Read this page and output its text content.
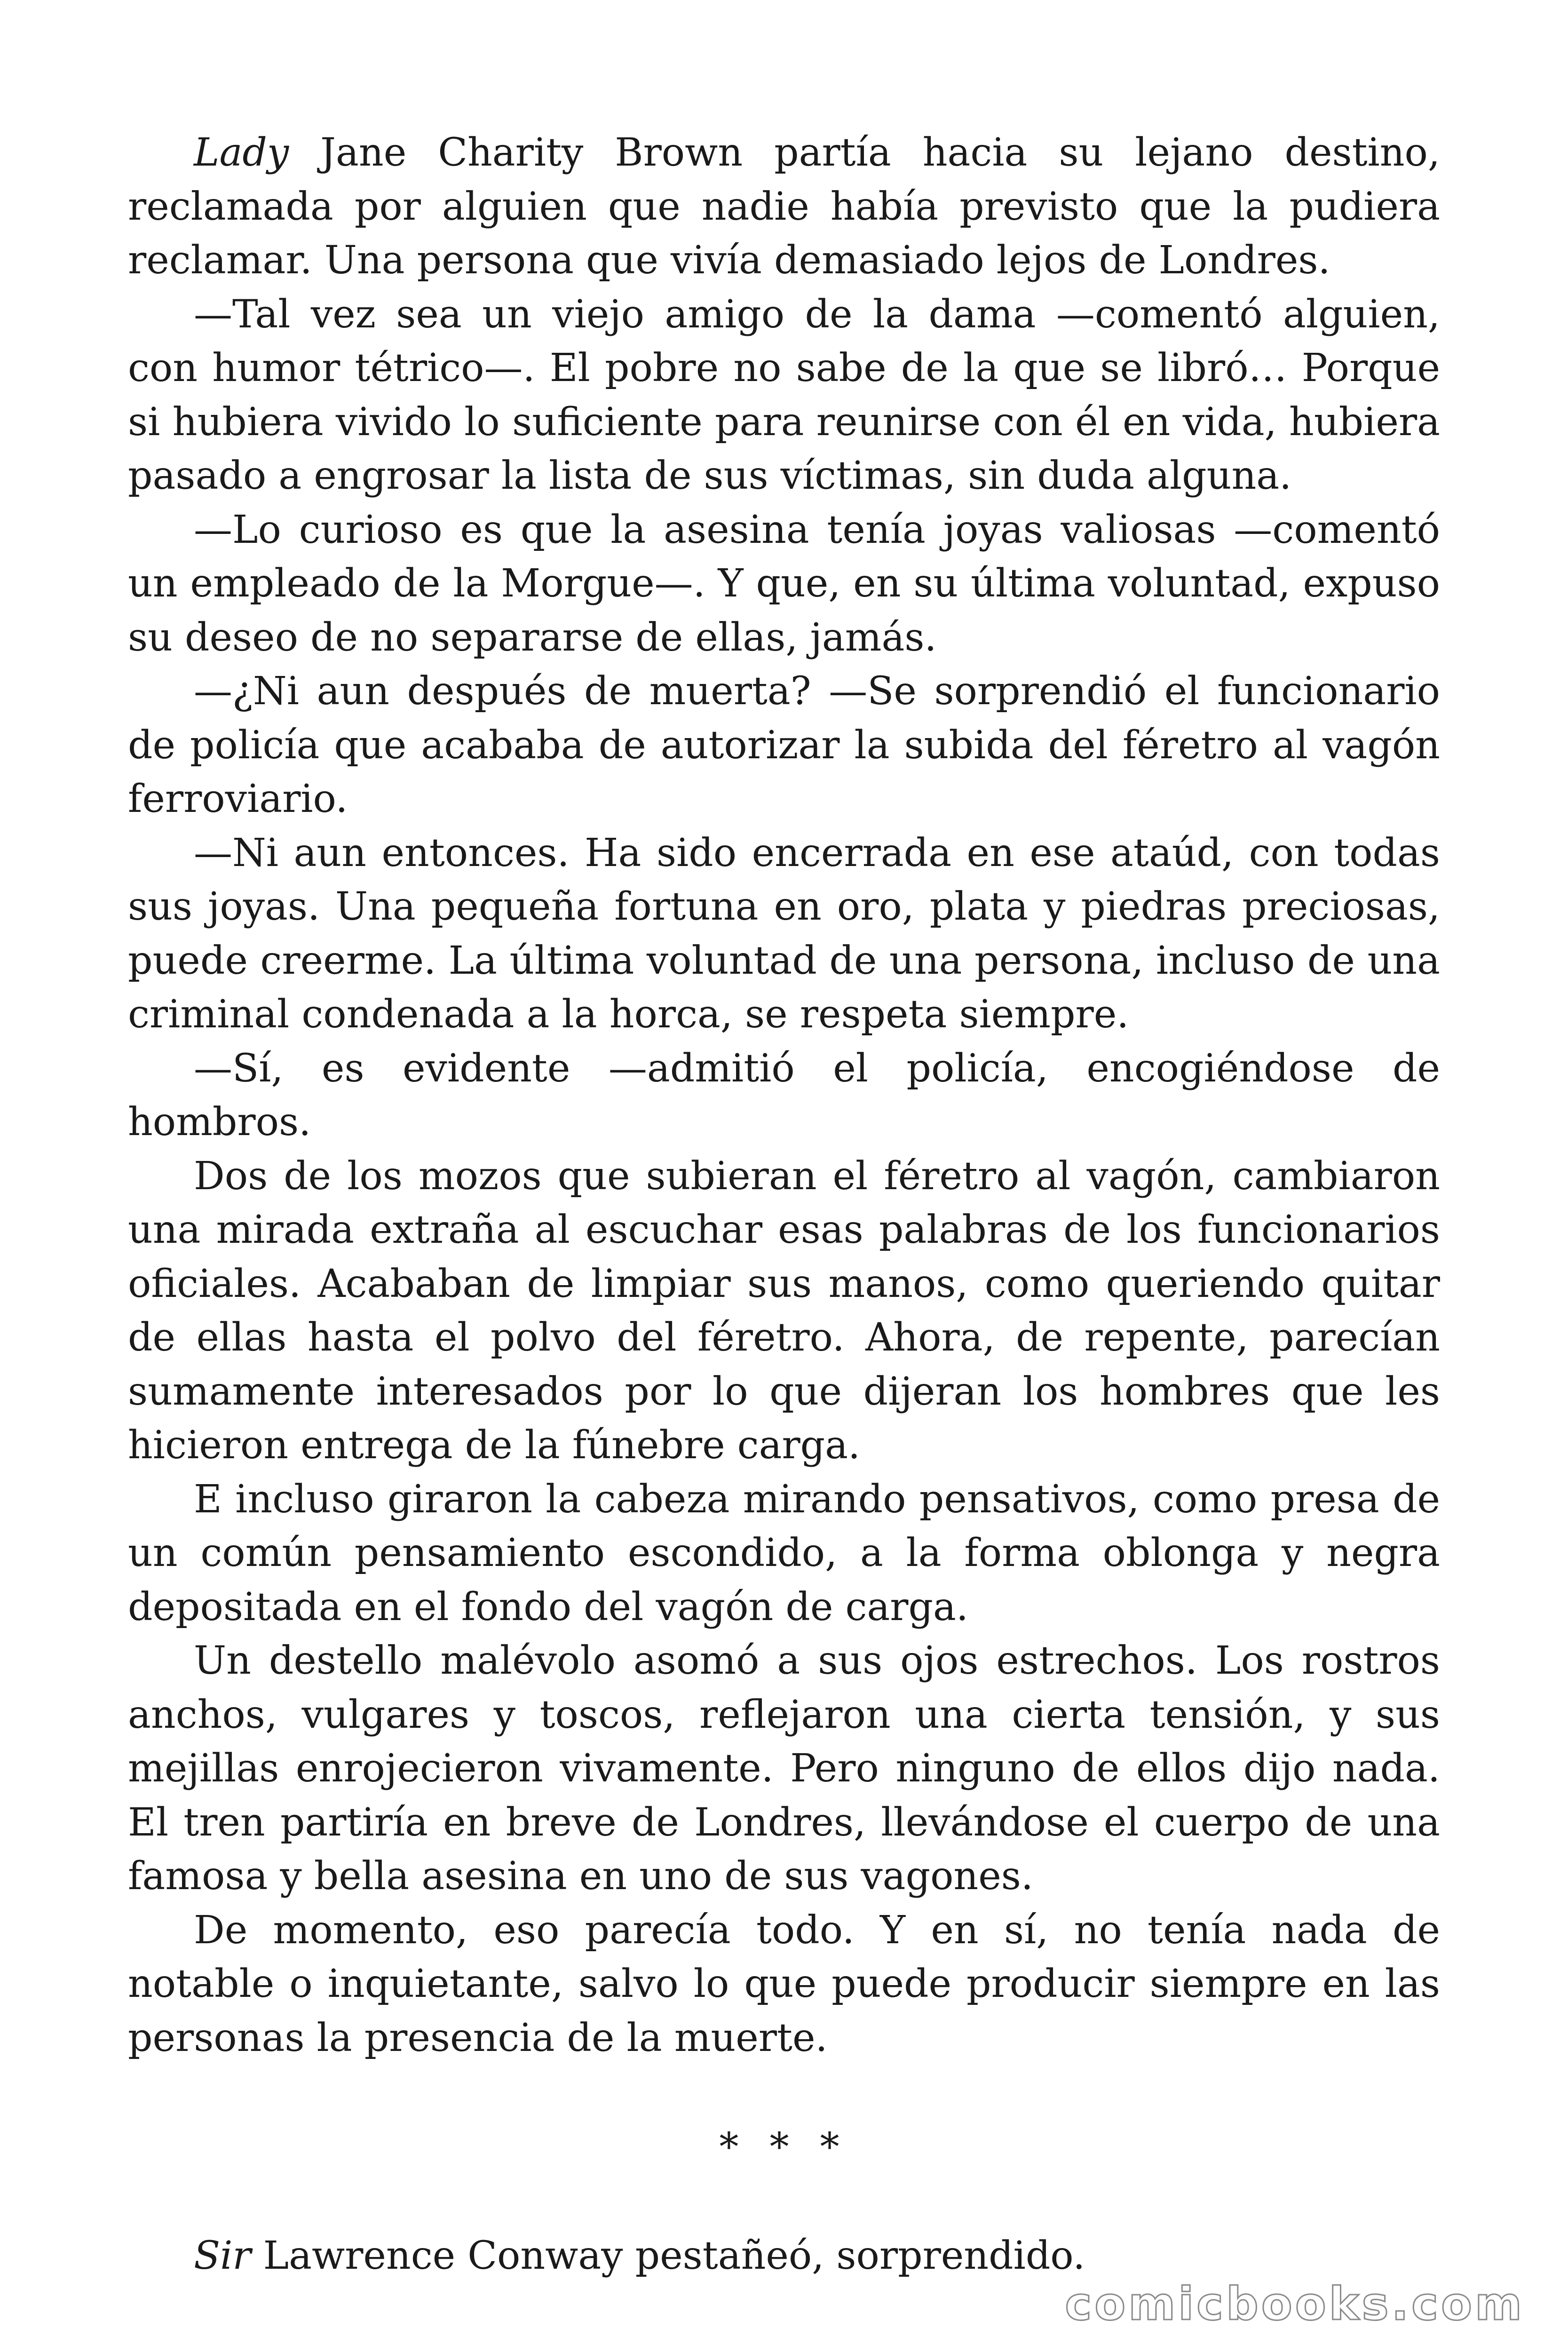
Lady Jane Charity Brown partía hacia su lejano destino, reclamada por alguien que nadie había previsto que la pudiera reclamar. Una persona que vivía demasiado lejos de Londres.

—Tal vez sea un viejo amigo de la dama —comentó alguien, con humor tétrico—. El pobre no sabe de la que se libró… Porque si hubiera vivido lo suficiente para reunirse con él en vida, hubiera pasado a engrosar la lista de sus víctimas, sin duda alguna.

—Lo curioso es que la asesina tenía joyas valiosas —comentó un empleado de la Morgue—. Y que, en su última voluntad, expuso su deseo de no separarse de ellas, jamás.

—¿Ni aun después de muerta? —Se sorprendió el funcionario de policía que acababa de autorizar la subida del féretro al vagón ferroviario.

—Ni aun entonces. Ha sido encerrada en ese ataúd, con todas sus joyas. Una pequeña fortuna en oro, plata y piedras preciosas, puede creerme. La última voluntad de una persona, incluso de una criminal condenada a la horca, se respeta siempre.

—Sí, es evidente —admitió el policía, encogiéndose de hombros.

Dos de los mozos que subieran el féretro al vagón, cambiaron una mirada extraña al escuchar esas palabras de los funcionarios oficiales. Acababan de limpiar sus manos, como queriendo quitar de ellas hasta el polvo del féretro. Ahora, de repente, parecían sumamente interesados por lo que dijeran los hombres que les hicieron entrega de la fúnebre carga.

E incluso giraron la cabeza mirando pensativos, como presa de un común pensamiento escondido, a la forma oblonga y negra depositada en el fondo del vagón de carga.

Un destello malévolo asomó a sus ojos estrechos. Los rostros anchos, vulgares y toscos, reflejaron una cierta tensión, y sus mejillas enrojecieron vivamente. Pero ninguno de ellos dijo nada. El tren partiría en breve de Londres, llevándose el cuerpo de una famosa y bella asesina en uno de sus vagones.

De momento, eso parecía todo. Y en sí, no tenía nada de notable o inquietante, salvo lo que puede producir siempre en las personas la presencia de la muerte.

* * *

Sir Lawrence Conway pestañeó, sorprendido.

comicbooks.com
